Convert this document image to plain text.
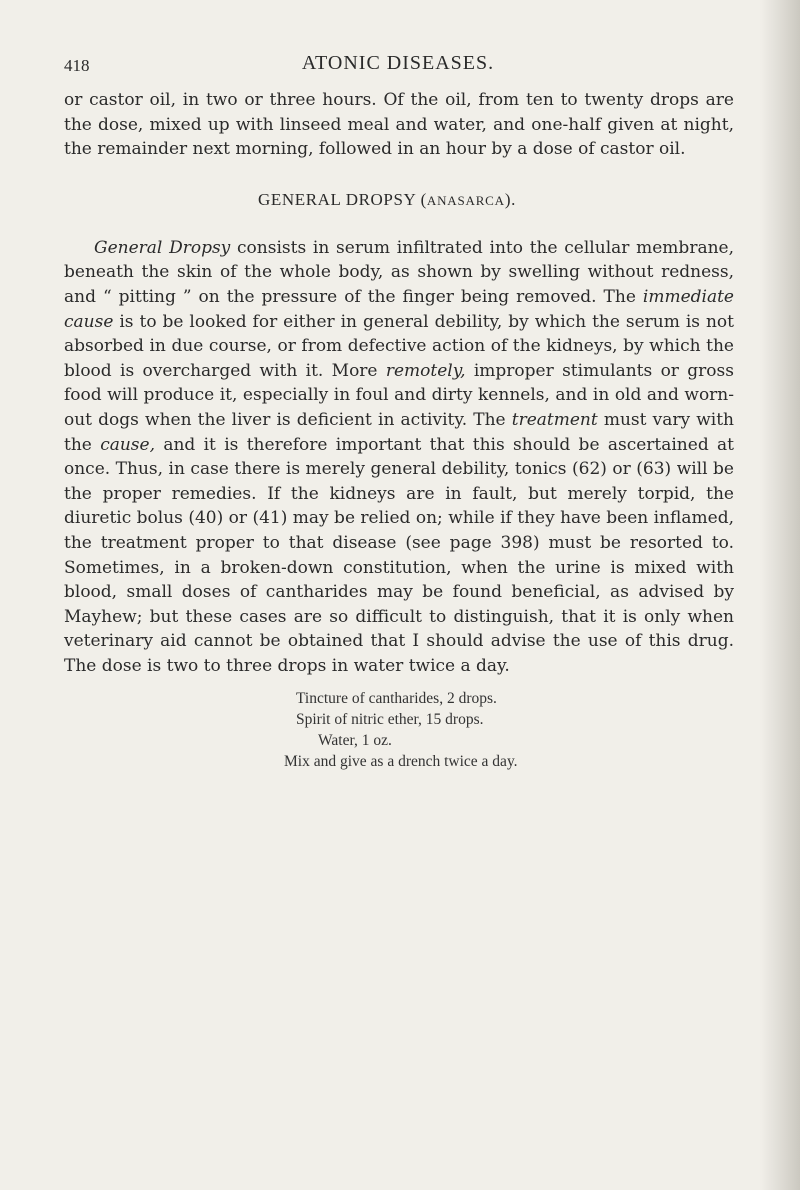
418	ATONIC DISEASES.

or castor oil, in two or three hours. Of the oil, from ten to twenty drops are the dose, mixed up with linseed meal and water, and one-half given at night, the remainder next morning, followed in an hour by a dose of castor oil.

GENERAL DROPSY (ANASARCA).

General Dropsy consists in serum infiltrated into the cellular membrane, beneath the skin of the whole body, as shown by swelling without redness, and “ pitting ” on the pressure of the finger being removed. The immediate cause is to be looked for either in general debility, by which the serum is not absorbed in due course, or from defective action of the kidneys, by which the blood is overcharged with it. More remotely, improper stimulants or gross food will produce it, especially in foul and dirty kennels, and in old and worn-out dogs when the liver is deficient in activity. The treatment must vary with the cause, and it is therefore important that this should be ascertained at once. Thus, in case there is merely general debility, tonics (62) or (63) will be the proper remedies. If the kidneys are in fault, but merely torpid, the diuretic bolus (40) or (41) may be relied on; while if they have been inflamed, the treatment proper to that disease (see page 398) must be resorted to. Sometimes, in a broken-down constitution, when the urine is mixed with blood, small doses of cantharides may be found beneficial, as advised by Mayhew; but these cases are so difficult to distinguish, that it is only when veterinary aid cannot be obtained that I should advise the use of this drug. The dose is two to three drops in water twice a day.

Tincture of cantharides, 2 drops.
Spirit of nitric ether, 15 drops.
Water, 1 oz.
Mix and give as a drench twice a day.
